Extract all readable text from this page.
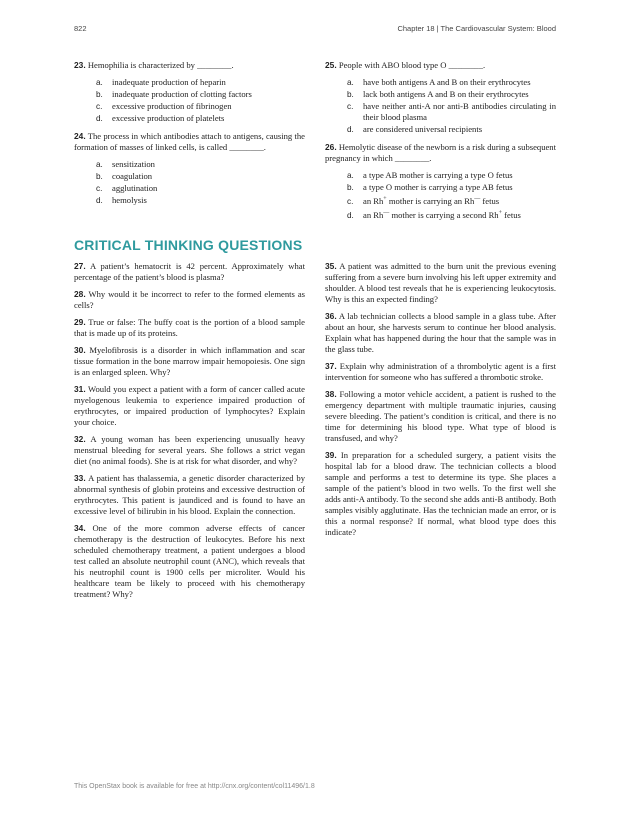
822	Chapter 18 | The Cardiovascular System: Blood

23. Hemophilia is characterized by ________.

a. inadequate production of heparin
b. inadequate production of clotting factors
c. excessive production of fibrinogen
d. excessive production of platelets

24. The process in which antibodies attach to antigens, causing the formation of masses of linked cells, is called ________.

a. sensitization
b. coagulation
c. agglutination
d. hemolysis

25. People with ABO blood type O ________.

a. have both antigens A and B on their erythrocytes
b. lack both antigens A and B on their erythrocytes
c. have neither anti-A nor anti-B antibodies circulating in their blood plasma
d. are considered universal recipients

26. Hemolytic disease of the newborn is a risk during a subsequent pregnancy in which ________.

a. a type AB mother is carrying a type O fetus
b. a type O mother is carrying a type AB fetus
c. an Rh+ mother is carrying an Rh— fetus
d. an Rh— mother is carrying a second Rh+ fetus
CRITICAL THINKING QUESTIONS

27. A patient’s hematocrit is 42 percent. Approximately what percentage of the patient’s blood is plasma?

28. Why would it be incorrect to refer to the formed elements as cells?

29. True or false: The buffy coat is the portion of a blood sample that is made up of its proteins.

30. Myelofibrosis is a disorder in which inflammation and scar tissue formation in the bone marrow impair hemopoiesis. One sign is an enlarged spleen. Why?

31. Would you expect a patient with a form of cancer called acute myelogenous leukemia to experience impaired production of erythrocytes, or impaired production of lymphocytes? Explain your choice.

32. A young woman has been experiencing unusually heavy menstrual bleeding for several years. She follows a strict vegan diet (no animal foods). She is at risk for what disorder, and why?

33. A patient has thalassemia, a genetic disorder characterized by abnormal synthesis of globin proteins and excessive destruction of erythrocytes. This patient is jaundiced and is found to have an excessive level of bilirubin in his blood. Explain the connection.

34. One of the more common adverse effects of cancer chemotherapy is the destruction of leukocytes. Before his next scheduled chemotherapy treatment, a patient undergoes a blood test called an absolute neutrophil count (ANC), which reveals that his neutrophil count is 1900 cells per microliter. Would his healthcare team be likely to proceed with his chemotherapy treatment? Why?

35. A patient was admitted to the burn unit the previous evening suffering from a severe burn involving his left upper extremity and shoulder. A blood test reveals that he is experiencing leukocytosis. Why is this an expected finding?

36. A lab technician collects a blood sample in a glass tube. After about an hour, she harvests serum to continue her blood analysis. Explain what has happened during the hour that the sample was in the glass tube.

37. Explain why administration of a thrombolytic agent is a first intervention for someone who has suffered a thrombotic stroke.

38. Following a motor vehicle accident, a patient is rushed to the emergency department with multiple traumatic injuries, causing severe bleeding. The patient’s condition is critical, and there is no time for determining his blood type. What type of blood is transfused, and why?

39. In preparation for a scheduled surgery, a patient visits the hospital lab for a blood draw. The technician collects a blood sample and performs a test to determine its type. She places a sample of the patient’s blood in two wells. To the first well she adds anti-A antibody. To the second she adds anti-B antibody. Both samples visibly agglutinate. Has the technician made an error, or is this a normal response? If normal, what blood type does this indicate?

This OpenStax book is available for free at http://cnx.org/content/col11496/1.8
